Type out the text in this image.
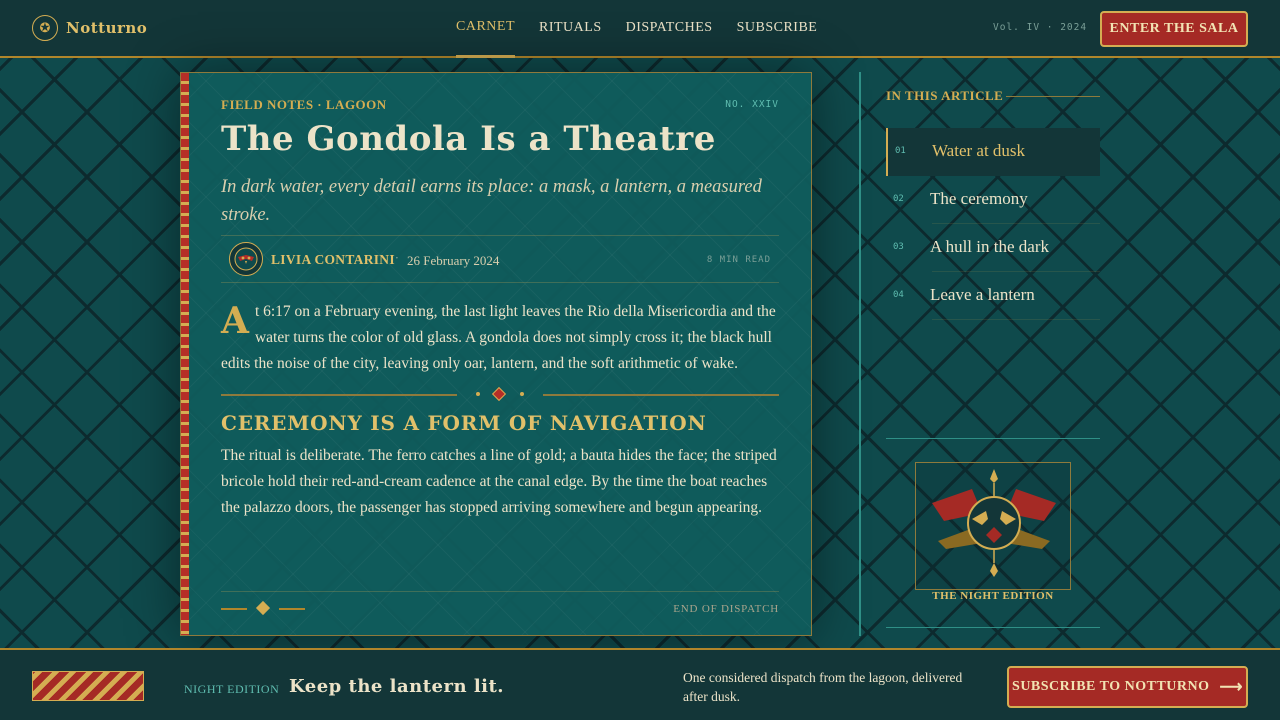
✪	Notturno	CARNET RITUALS DISPATCHES SUBSCRIBE	Vol. IV · 2024	ENTER THE SALA
FIELD NOTES · LAGOON	NO. XXIV
The Gondola Is a Theatre

In dark water, every detail earns its place: a mask, a lantern, a measured stroke.

LIVIA CONTARINI · 26 February 2024	8 MIN READ

At 6:17 on a February evening, the last light leaves the Rio della Misericordia and the water turns the color of old glass. A gondola does not simply cross it; the black hull edits the noise of the city, leaving only oar, lantern, and the soft arithmetic of wake.

CEREMONY IS A FORM OF NAVIGATION

The ritual is deliberate. The ferro catches a line of gold; a bauta hides the face; the striped bricole hold their red-and-cream cadence at the canal edge. By the time the boat reaches the palazzo doors, the passenger has stopped arriving somewhere and begun appearing.

END OF DISPATCH
IN THIS ARTICLE
01 Water at dusk
02 The ceremony
03 A hull in the dark
04 Leave a lantern
THE NIGHT EDITION
NIGHT EDITION Keep the lantern lit.	One considered dispatch from the lagoon, delivered after dusk.

SUBSCRIBE TO NOTTURNO ⟶
